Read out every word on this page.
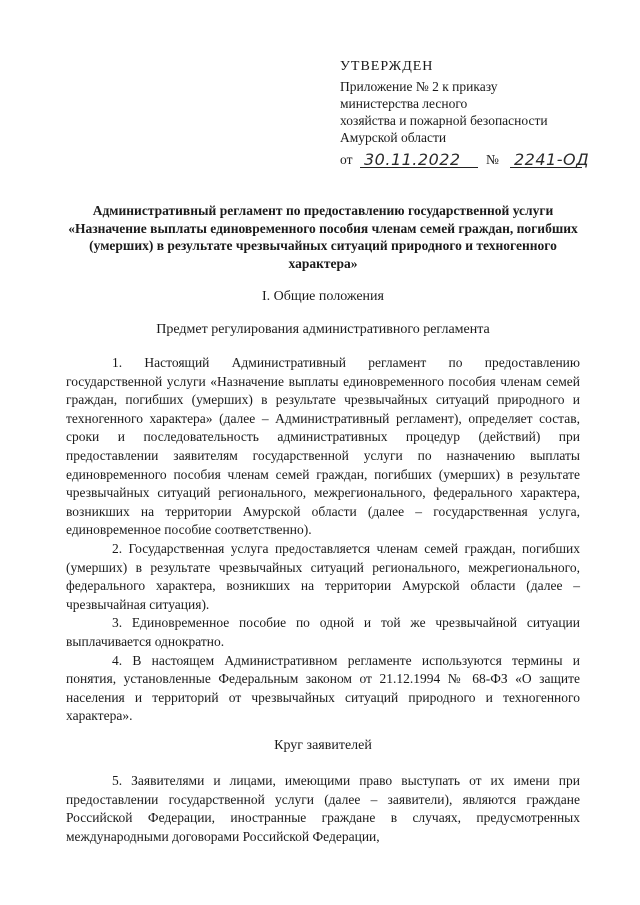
УТВЕРЖДЕН
Приложение № 2 к приказу
министерства лесного
хозяйства и пожарной безопасности
Амурской области
от 30.11.2022 № 2241-ОД
Административный регламент по предоставлению государственной услуги «Назначение выплаты единовременного пособия членам семей граждан, погибших (умерших) в результате чрезвычайных ситуаций природного и техногенного характера»
I. Общие положения
Предмет регулирования административного регламента

1. Настоящий Административный регламент по предоставлению государственной услуги «Назначение выплаты единовременного пособия членам семей граждан, погибших (умерших) в результате чрезвычайных ситуаций природного и техногенного характера» (далее – Административный регламент), определяет состав, сроки и последовательность административных процедур (действий) при предоставлении заявителям государственной услуги по назначению выплаты единовременного пособия членам семей граждан, погибших (умерших) в результате чрезвычайных ситуаций регионального, межрегионального, федерального характера, возникших на территории Амурской области (далее – государственная услуга, единовременное пособие соответственно).

2. Государственная услуга предоставляется членам семей граждан, погибших (умерших) в результате чрезвычайных ситуаций регионального, межрегионального, федерального характера, возникших на территории Амурской области (далее – чрезвычайная ситуация).

3. Единовременное пособие по одной и той же чрезвычайной ситуации выплачивается однократно.

4. В настоящем Административном регламенте используются термины и понятия, установленные Федеральным законом от 21.12.1994 № 68-ФЗ «О защите населения и территорий от чрезвычайных ситуаций природного и техногенного характера».

Круг заявителей

5. Заявителями и лицами, имеющими право выступать от их имени при предоставлении государственной услуги (далее – заявители), являются граждане Российской Федерации, иностранные граждане в случаях, предусмотренных международными договорами Российской Федерации,
